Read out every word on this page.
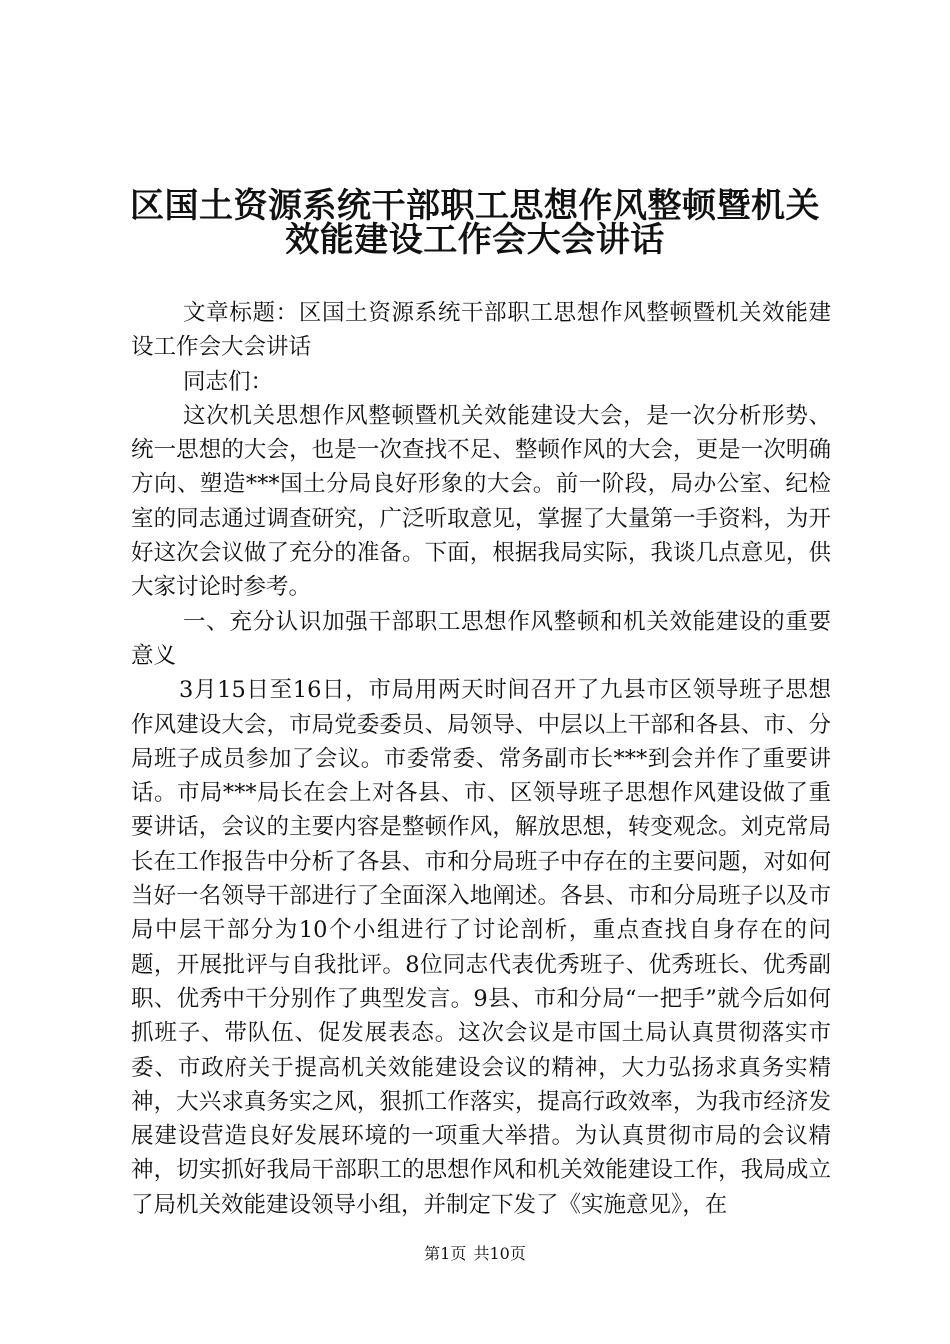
区国土资源系统干部职工思想作风整顿暨机关
效能建设工作会大会讲话

文章标题：区国土资源系统干部职工思想作风整顿暨机关效能建设工作会大会讲话

同志们：

这次机关思想作风整顿暨机关效能建设大会，是一次分析形势、统一思想的大会，也是一次查找不足、整顿作风的大会，更是一次明确方向、塑造***国土分局良好形象的大会。前一阶段，局办公室、纪检室的同志通过调查研究，广泛听取意见，掌握了大量第一手资料，为开好这次会议做了充分的准备。下面，根据我局实际，我谈几点意见，供大家讨论时参考。

一、充分认识加强干部职工思想作风整顿和机关效能建设的重要意义

3月15日至16日，市局用两天时间召开了九县市区领导班子思想作风建设大会，市局党委委员、局领导、中层以上干部和各县、市、分局班子成员参加了会议。市委常委、常务副市长***到会并作了重要讲话。市局***局长在会上对各县、市、区领导班子思想作风建设做了重要讲话，会议的主要内容是整顿作风，解放思想，转变观念。刘克常局长在工作报告中分析了各县、市和分局班子中存在的主要问题，对如何当好一名领导干部进行了全面深入地阐述。各县、市和分局班子以及市局中层干部分为10个小组进行了讨论剖析，重点查找自身存在的问题，开展批评与自我批评。8位同志代表优秀班子、优秀班长、优秀副职、优秀中干分别作了典型发言。9县、市和分局“一把手”就今后如何抓班子、带队伍、促发展表态。这次会议是市国土局认真贯彻落实市委、市政府关于提高机关效能建设会议的精神，大力弘扬求真务实精神，大兴求真务实之风，狠抓工作落实，提高行政效率，为我市经济发展建设营造良好发展环境的一项重大举措。为认真贯彻市局的会议精神，切实抓好我局干部职工的思想作风和机关效能建设工作，我局成立了局机关效能建设领导小组，并制定下发了《实施意见》，在

第1页 共10页
